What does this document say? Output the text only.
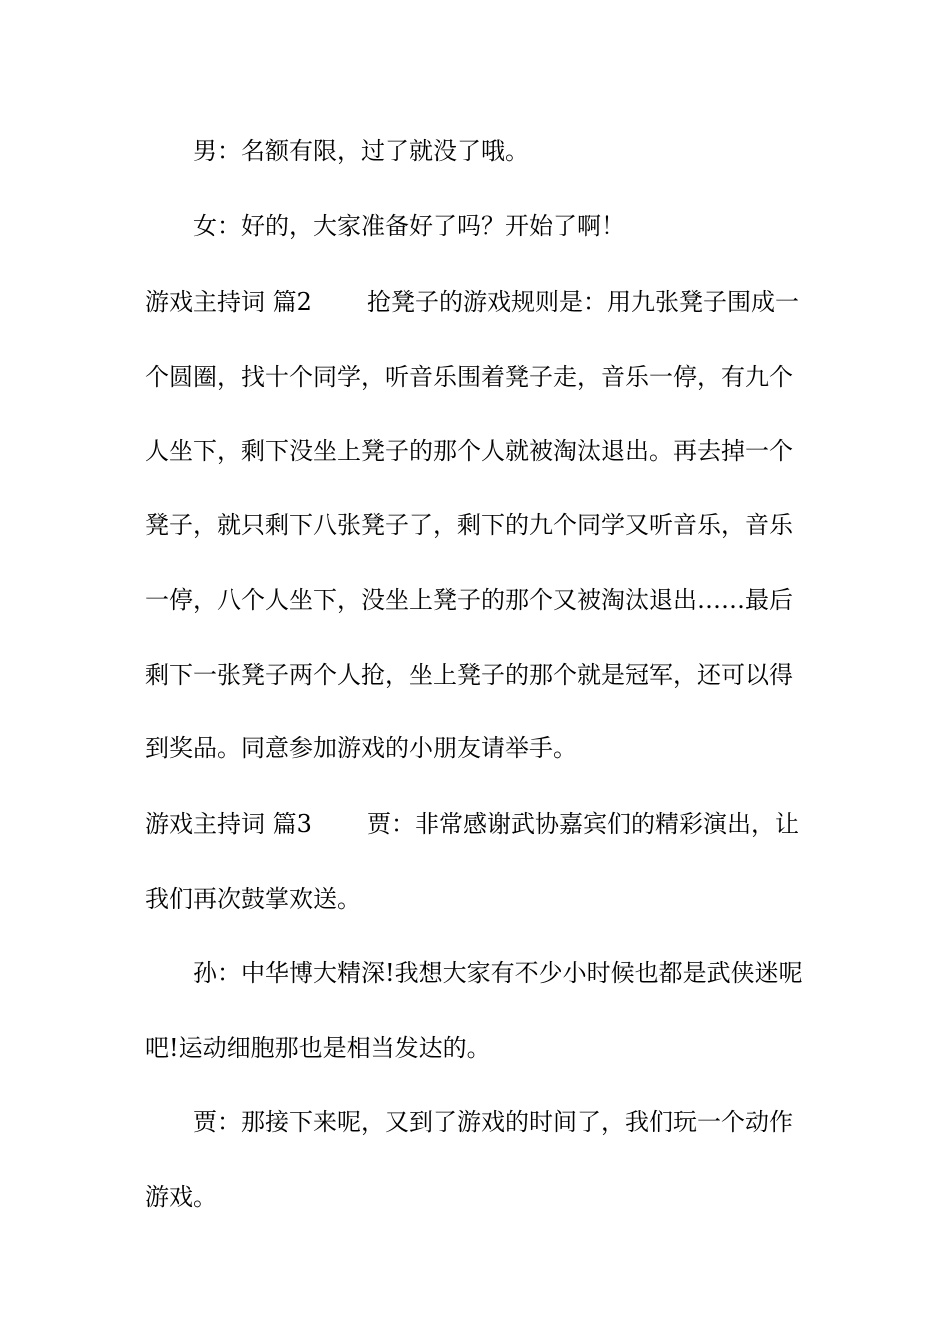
男：名额有限，过了就没了哦。
女：好的，大家准备好了吗？开始了啊！
游戏主持词 篇2 抢凳子的游戏规则是：用九张凳子围成一
个圆圈，找十个同学，听音乐围着凳子走，音乐一停，有九个
人坐下，剩下没坐上凳子的那个人就被淘汰退出。再去掉一个
凳子，就只剩下八张凳子了，剩下的九个同学又听音乐，音乐
一停，八个人坐下，没坐上凳子的那个又被淘汰退出……最后
剩下一张凳子两个人抢，坐上凳子的那个就是冠军，还可以得
到奖品。同意参加游戏的小朋友请举手。
游戏主持词 篇3 贾：非常感谢武协嘉宾们的精彩演出，让
我们再次鼓掌欢送。
孙：中华博大精深!我想大家有不少小时候也都是武侠迷呢
吧!运动细胞那也是相当发达的。
贾：那接下来呢，又到了游戏的时间了，我们玩一个动作
游戏。
